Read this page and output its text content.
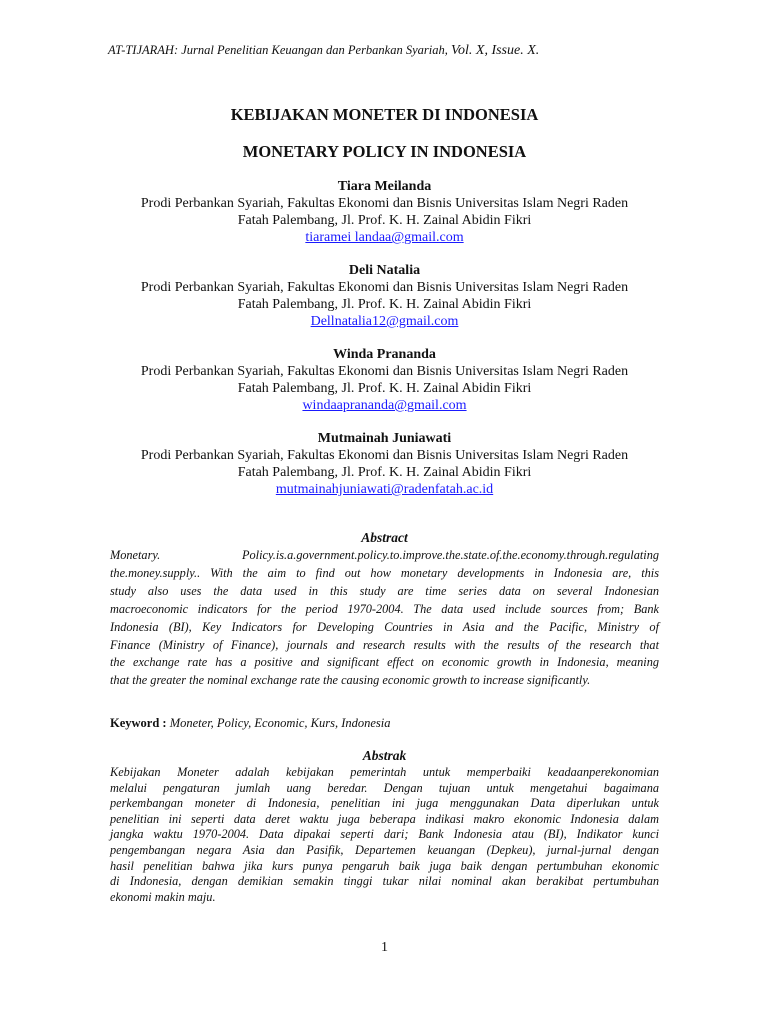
AT-TIJARAH: Jurnal Penelitian Keuangan dan Perbankan Syariah, Vol. X, Issue. X.
KEBIJAKAN MONETER DI INDONESIA
MONETARY POLICY IN INDONESIA
Tiara Meilanda
Prodi Perbankan Syariah, Fakultas Ekonomi dan Bisnis Universitas Islam Negri Raden
Fatah Palembang, Jl. Prof. K. H. Zainal Abidin Fikri
tiaramei landaa@gmail.com
Deli Natalia
Prodi Perbankan Syariah, Fakultas Ekonomi dan Bisnis Universitas Islam Negri Raden
Fatah Palembang, Jl. Prof. K. H. Zainal Abidin Fikri
Dellnatalia12@gmail.com
Winda Prananda
Prodi Perbankan Syariah, Fakultas Ekonomi dan Bisnis Universitas Islam Negri Raden
Fatah Palembang, Jl. Prof. K. H. Zainal Abidin Fikri
windaaprananda@gmail.com
Mutmainah Juniawati
Prodi Perbankan Syariah, Fakultas Ekonomi dan Bisnis Universitas Islam Negri Raden
Fatah Palembang, Jl. Prof. K. H. Zainal Abidin Fikri
mutmainahjuniawati@radenfatah.ac.id
Abstract
Monetary. Policy.is.a.government.policy.to.improve.the.state.of.the.economy.through.regulating
the.money.supply.. With the aim to find out how monetary developments in Indonesia are, this
study also uses the data used in this study are time series data on several Indonesian
macroeconomic indicators for the period 1970-2004. The data used include sources from; Bank
Indonesia (BI), Key Indicators for Developing Countries in Asia and the Pacific, Ministry of
Finance (Ministry of Finance), journals and research results with the results of the research that
the exchange rate has a positive and significant effect on economic growth in Indonesia, meaning
that the greater the nominal exchange rate the causing economic growth to increase significantly.
Keyword : Moneter, Policy, Economic, Kurs, Indonesia
Abstrak
Kebijakan Moneter adalah kebijakan pemerintah untuk memperbaiki keadaanperekonomian
melalui pengaturan jumlah uang beredar. Dengan tujuan untuk mengetahui bagaimana
perkembangan moneter di Indonesia, penelitian ini juga menggunakan Data diperlukan untuk
penelitian ini seperti data deret waktu juga beberapa indikasi makro ekonomic Indonesia dalam
jangka waktu 1970-2004. Data dipakai seperti dari; Bank Indonesia atau (BI), Indikator kunci
pengembangan negara Asia dan Pasifik, Departemen keuangan (Depkeu), jurnal-jurnal dengan
hasil penelitian bahwa jika kurs punya pengaruh baik juga baik dengan pertumbuhan ekonomic
di Indonesia, dengan demikian semakin tinggi tukar nilai nominal akan berakibat pertumbuhan
ekonomi makin maju.
1
